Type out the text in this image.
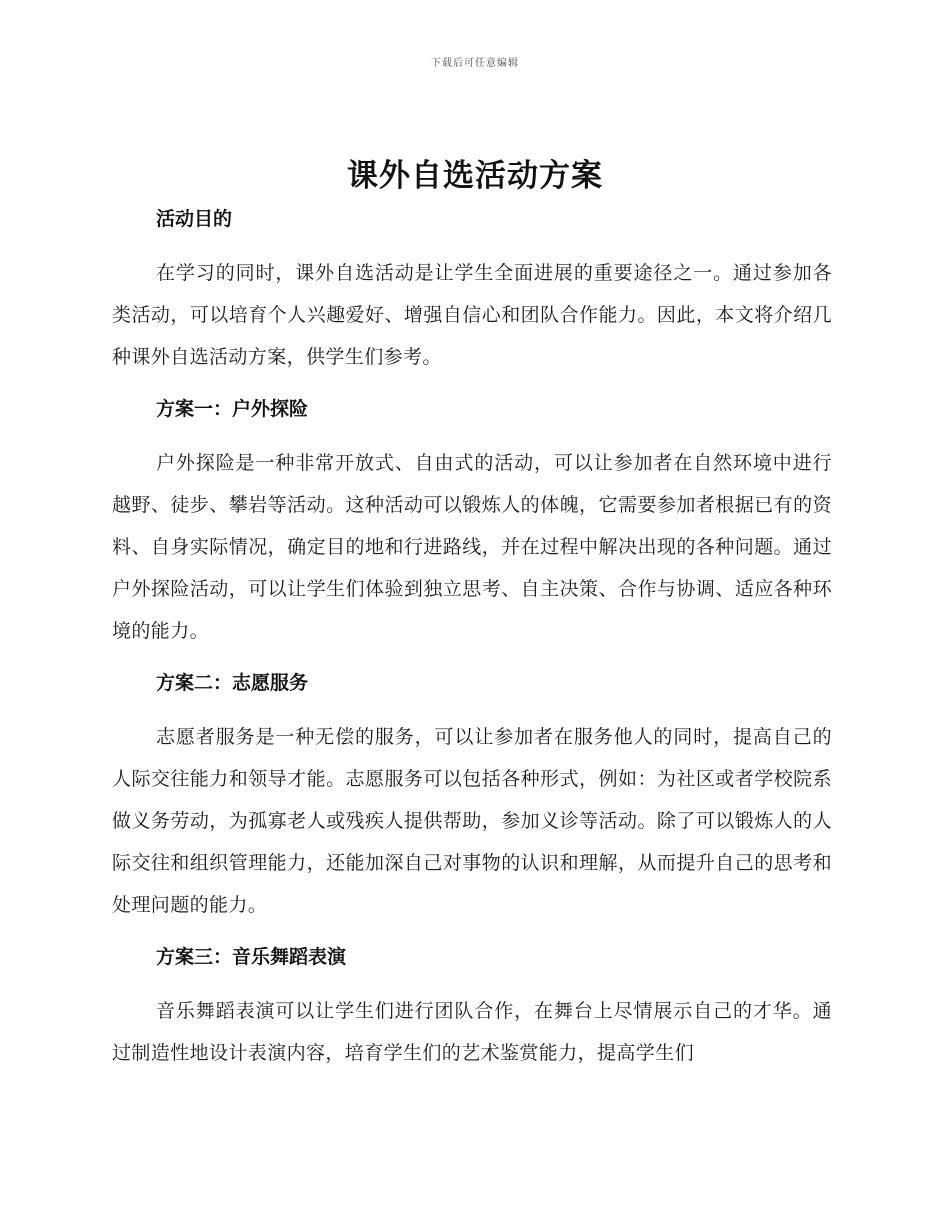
下载后可任意编辑
课外自选活动方案
活动目的

在学习的同时，课外自选活动是让学生全面进展的重要途径之一。通过参加各类活动，可以培育个人兴趣爱好、增强自信心和团队合作能力。因此，本文将介绍几种课外自选活动方案，供学生们参考。

方案一：户外探险

户外探险是一种非常开放式、自由式的活动，可以让参加者在自然环境中进行越野、徒步、攀岩等活动。这种活动可以锻炼人的体魄，它需要参加者根据已有的资料、自身实际情况，确定目的地和行进路线，并在过程中解决出现的各种问题。通过户外探险活动，可以让学生们体验到独立思考、自主决策、合作与协调、适应各种环境的能力。

方案二：志愿服务

志愿者服务是一种无偿的服务，可以让参加者在服务他人的同时，提高自己的人际交往能力和领导才能。志愿服务可以包括各种形式，例如：为社区或者学校院系做义务劳动，为孤寡老人或残疾人提供帮助，参加义诊等活动。除了可以锻炼人的人际交往和组织管理能力，还能加深自己对事物的认识和理解，从而提升自己的思考和处理问题的能力。

方案三：音乐舞蹈表演

音乐舞蹈表演可以让学生们进行团队合作，在舞台上尽情展示自己的才华。通过制造性地设计表演内容，培育学生们的艺术鉴赏能力，提高学生们
